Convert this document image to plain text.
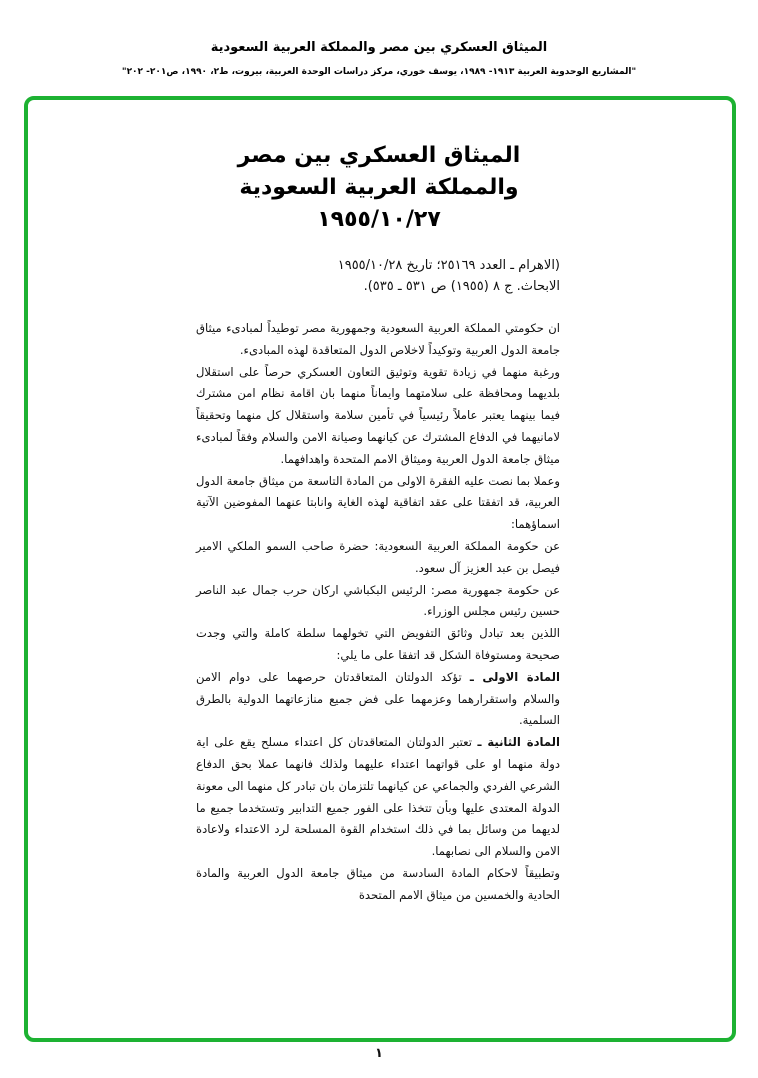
الميثاق العسكري بين مصر والمملكة العربية السعودية
"المشاريع الوحدوية العربية ١٩١٣- ١٩٨٩، يوسف خوري، مركز دراسات الوحدة العربية، بيروت، ط٢، ١٩٩٠، ص٢٠١- ٢٠٢"
الميثاق العسكري بين مصر
والمملكة العربية السعودية
١٩٥٥/١٠/٢٧
(الاهرام ـ العدد ٢٥١٦٩؛ تاريخ ١٩٥٥/١٠/٢٨
الابحاث. ج ٨ (١٩٥٥) ص ٥٣١ ـ ٥٣٥).

ان حكومتي المملكة العربية السعودية وجمهورية مصر توطيداً لمبادىء ميثاق جامعة الدول العربية وتوكيداً لاخلاص الدول المتعاقدة لهذه المبادىء.

ورغبة منهما في زيادة تقوية وتوثيق التعاون العسكري حرصاً على استقلال بلديهما ومحافظة على سلامتهما وايماناً منهما بان اقامة نظام امن مشترك فيما بينهما يعتبر عاملاً رئيسياً في تأمين سلامة واستقلال كل منهما وتحقيقاً لامانيهما في الدفاع المشترك عن كيانهما وصيانة الامن والسلام وفقاً لمبادىء ميثاق جامعة الدول العربية وميثاق الامم المتحدة واهدافهما.

وعملا بما نصت عليه الفقرة الاولى من المادة التاسعة من ميثاق جامعة الدول العربية، قد اتفقتا على عقد اتفاقية لهذه الغاية وانابتا عنهما المفوضين الآتية اسماؤهما:

عن حكومة المملكة العربية السعودية: حضرة صاحب السمو الملكي الامير فيصل بن عبد العزيز آل سعود.

عن حكومة جمهورية مصر: الرئيس البكباشي اركان حرب جمال عبد الناصر حسين رئيس مجلس الوزراء.

اللذين بعد تبادل وثائق التفويض التي تخولهما سلطة كاملة والتي وجدت صحيحة ومستوفاة الشكل قد اتفقا على ما يلي:

المادة الاولى ـ تؤكد الدولتان المتعاقدتان حرصهما على دوام الامن والسلام واستقرارهما وعزمهما على فض جميع منازعاتهما الدولية بالطرق السلمية.

المادة الثانية ـ تعتبر الدولتان المتعاقدتان كل اعتداء مسلح يقع على اية دولة منهما او على قواتهما اعتداء عليهما ولذلك فانهما عملا بحق الدفاع الشرعي الفردي والجماعي عن كيانهما تلتزمان بان تبادر كل منهما الى معونة الدولة المعتدى عليها وبأن تتخذا على الفور جميع التدابير وتستخدما جميع ما لديهما من وسائل بما في ذلك استخدام القوة المسلحة لرد الاعتداء ولاعادة الامن والسلام الى نصابهما.

وتطبيقاً لاحكام المادة السادسة من ميثاق جامعة الدول العربية والمادة الحادية والخمسين من ميثاق الامم المتحدة

١
